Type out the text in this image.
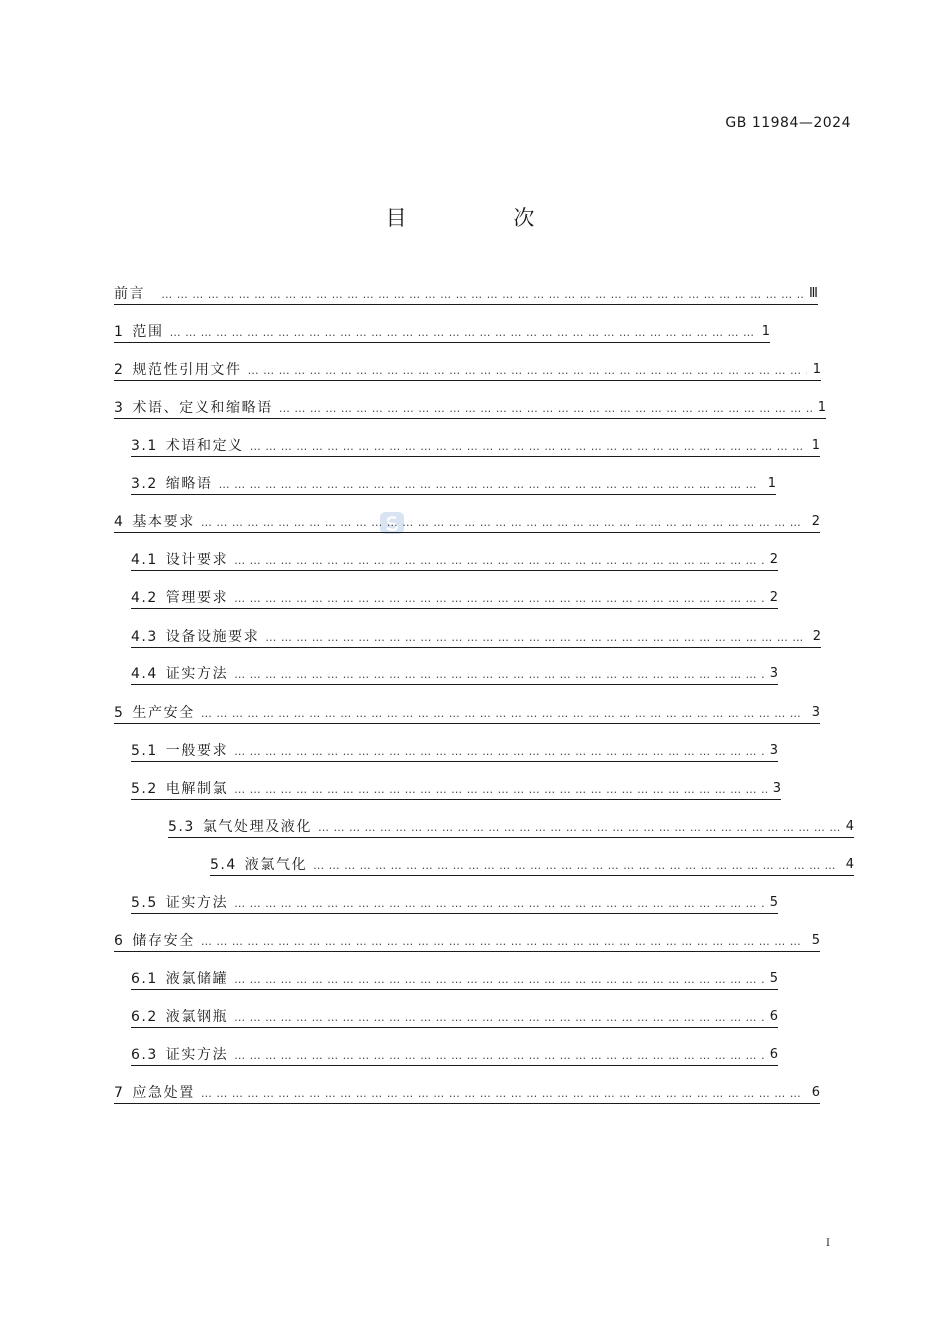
GB 11984—2024
目 次
前言 … … … … … … … … … … … … … … … … … … … … … … … … … … … … … … … … … … … … … … … … … … … … … … … … … … … … … … … … … … … … … … … … … … … … … … … … … … … … … … … … …	Ⅲ
1 范围 … … … … … … … … … … … … … … … … … … … … … … … … … … … … … … … … … … … … … … … … … … … … … … … … … … … … … … … … … … … … … … … … … … … … … … … … … … … … … … … … …	1
2 规范性引用文件 … … … … … … … … … … … … … … … … … … … … … … … … … … … … … … … … … … … … … … … … … … … … … … … … … … … … … … … … … … … … … … … … … … … … … … … … … … … … … … … … …	1
3 术语、定义和缩略语 … … … … … … … … … … … … … … … … … … … … … … … … … … … … … … … … … … … … … … … … … … … … … … … … … … … … … … … … … … … … … … … … … … … … … … … … … … … … … … … … …	1
3.1 术语和定义 … … … … … … … … … … … … … … … … … … … … … … … … … … … … … … … … … … … … … … … … … … … … … … … … … … … … … … … … … … … … … … … … … … … … … … … … … … … … … … … … …	1
3.2 缩略语 … … … … … … … … … … … … … … … … … … … … … … … … … … … … … … … … … … … … … … … … … … … … … … … … … … … … … … … … … … … … … … … … … … … … … … … … … … … … … … … … …	1
4 基本要求 … … … … … … … … … … … … … … … … … … … … … … … … … … … … … … … … … … … … … … … … … … … … … … … … … … … … … … … … … … … … … … … … … … … … … … … … … … … … … … … … …	2
4.1 设计要求 … … … … … … … … … … … … … … … … … … … … … … … … … … … … … … … … … … … … … … … … … … … … … … … … … … … … … … … … … … … … … … … … … … … … … … … … … … … … … … … … …	2
4.2 管理要求 … … … … … … … … … … … … … … … … … … … … … … … … … … … … … … … … … … … … … … … … … … … … … … … … … … … … … … … … … … … … … … … … … … … … … … … … … … … … … … … … …	2
4.3 设备设施要求 … … … … … … … … … … … … … … … … … … … … … … … … … … … … … … … … … … … … … … … … … … … … … … … … … … … … … … … … … … … … … … … … … … … … … … … … … … … … … … … … …	2
4.4 证实方法 … … … … … … … … … … … … … … … … … … … … … … … … … … … … … … … … … … … … … … … … … … … … … … … … … … … … … … … … … … … … … … … … … … … … … … … … … … … … … … … … …	3
5 生产安全 … … … … … … … … … … … … … … … … … … … … … … … … … … … … … … … … … … … … … … … … … … … … … … … … … … … … … … … … … … … … … … … … … … … … … … … … … … … … … … … … …	3
5.1 一般要求 … … … … … … … … … … … … … … … … … … … … … … … … … … … … … … … … … … … … … … … … … … … … … … … … … … … … … … … … … … … … … … … … … … … … … … … … … … … … … … … … …	3
5.2 电解制氯 … … … … … … … … … … … … … … … … … … … … … … … … … … … … … … … … … … … … … … … … … … … … … … … … … … … … … … … … … … … … … … … … … … … … … … … … … … … … … … … … …	3
5.3 氯气处理及液化 … … … … … … … … … … … … … … … … … … … … … … … … … … … … … … … … … … … … … … … … … … … … … … … … … … … … … … … … … … … … … … … … … … … … … … … … … … … … … … … … …	4
5.4 液氯气化 … … … … … … … … … … … … … … … … … … … … … … … … … … … … … … … … … … … … … … … … … … … … … … … … … … … … … … … … … … … … … … … … … … … … … … … … … … … … … … … … …	4
5.5 证实方法 … … … … … … … … … … … … … … … … … … … … … … … … … … … … … … … … … … … … … … … … … … … … … … … … … … … … … … … … … … … … … … … … … … … … … … … … … … … … … … … … …	5
6 储存安全 … … … … … … … … … … … … … … … … … … … … … … … … … … … … … … … … … … … … … … … … … … … … … … … … … … … … … … … … … … … … … … … … … … … … … … … … … … … … … … … … …	5
6.1 液氯储罐 … … … … … … … … … … … … … … … … … … … … … … … … … … … … … … … … … … … … … … … … … … … … … … … … … … … … … … … … … … … … … … … … … … … … … … … … … … … … … … … … …	5
6.2 液氯钢瓶 … … … … … … … … … … … … … … … … … … … … … … … … … … … … … … … … … … … … … … … … … … … … … … … … … … … … … … … … … … … … … … … … … … … … … … … … … … … … … … … … …	6
6.3 证实方法 … … … … … … … … … … … … … … … … … … … … … … … … … … … … … … … … … … … … … … … … … … … … … … … … … … … … … … … … … … … … … … … … … … … … … … … … … … … … … … … … …	6
7 应急处置 … … … … … … … … … … … … … … … … … … … … … … … … … … … … … … … … … … … … … … … … … … … … … … … … … … … … … … … … … … … … … … … … … … … … … … … … … … … … … … … … …	6
I
